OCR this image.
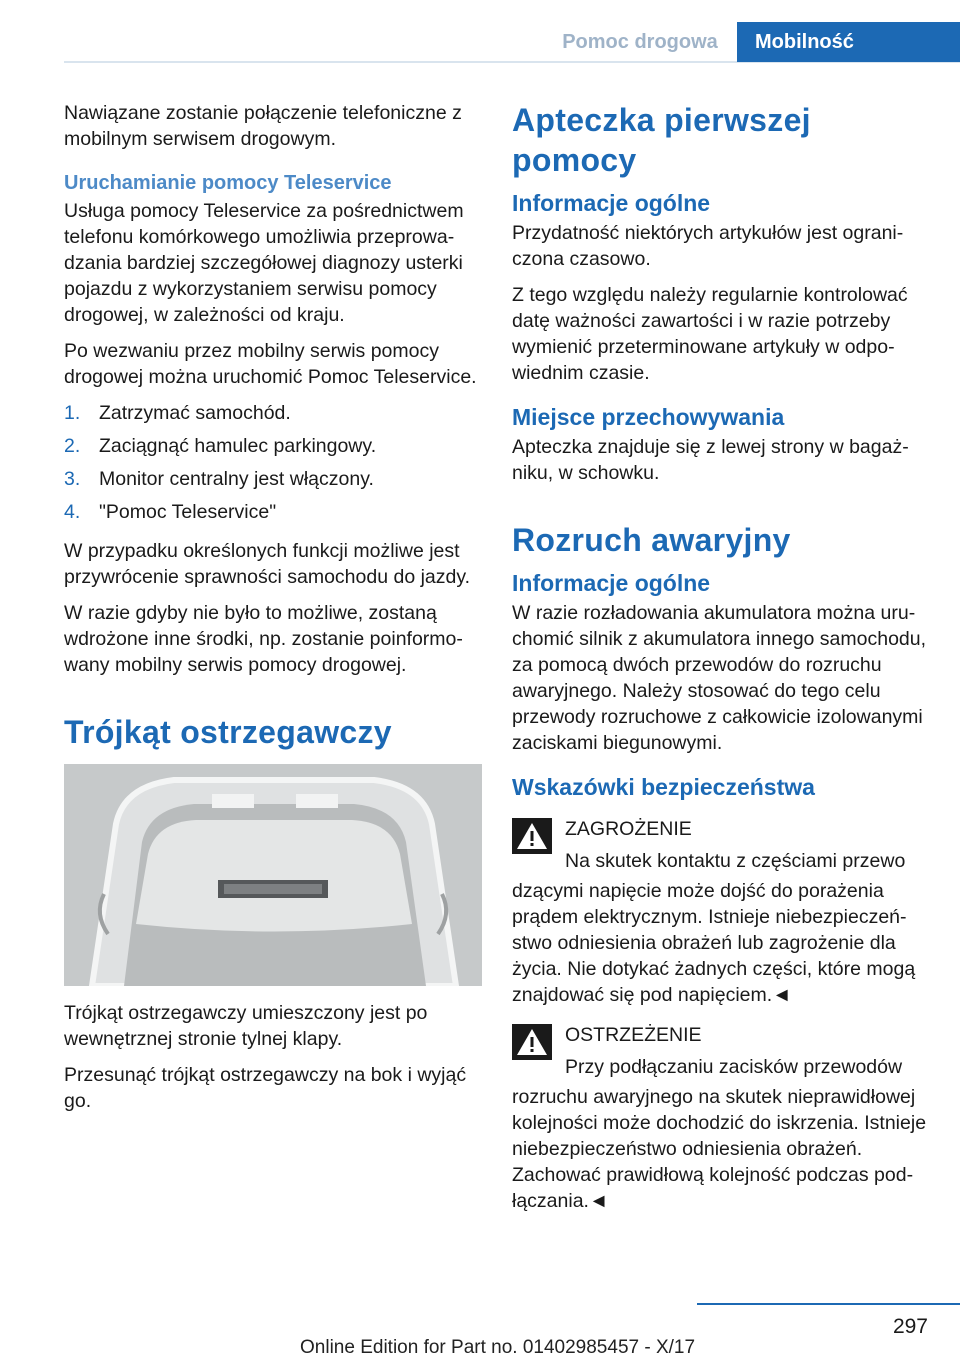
Pomoc drogowa	Mobilność

Nawiązane zostanie połączenie telefoniczne z mobilnym serwisem drogowym.

Uruchamianie pomocy Teleservice

Usługa pomocy Teleservice za pośrednictwem telefonu komórkowego umożliwia przeprowadzania bardziej szczegółowej diagnozy usterki pojazdu z wykorzystaniem serwisu pomocy drogowej, w zależności od kraju.

Po wezwaniu przez mobilny serwis pomocy drogowej można uruchomić Pomoc Teleservice.

1. Zatrzymać samochód.
2. Zaciągnąć hamulec parkingowy.
3. Monitor centralny jest włączony.
4. "Pomoc Teleservice"

W przypadku określonych funkcji możliwe jest przywrócenie sprawności samochodu do jazdy.

W razie gdyby nie było to możliwe, zostaną wdrożone inne środki, np. zostanie poinformowany mobilny serwis pomocy drogowej.

Trójkąt ostrzegawczy

Trójkąt ostrzegawczy umieszczony jest po wewnętrznej stronie tylnej klapy.

Przesunąć trójkąt ostrzegawczy na bok i wyjąć go.

Apteczka pierwszej pomocy
Informacje ogólne

Przydatność niektórych artykułów jest ograniczona czasowo.

Z tego względu należy regularnie kontrolować datę ważności zawartości i w razie potrzeby wymienić przeterminowane artykuły w odpowiednim czasie.

Miejsce przechowywania

Apteczka znajduje się z lewej strony w bagażniku, w schowku.

Rozruch awaryjny
Informacje ogólne

W razie rozładowania akumulatora można uruchomić silnik z akumulatora innego samochodu, za pomocą dwóch przewodów do rozruchu awaryjnego. Należy stosować do tego celu przewody rozruchowe z całkowicie izolowanymi zaciskami biegunowymi.

Wskazówki bezpieczeństwa
ZAGROŻENIE
Na skutek kontaktu z częściami przewo

dzącymi napięcie może dojść do porażenia prądem elektrycznym. Istnieje niebezpieczeństwo odniesienia obrażeń lub zagrożenie dla życia. Nie dotykać żadnych części, które mogą znajdować się pod napięciem.◄

OSTRZEŻENIE
Przy podłączaniu zacisków przewodów

rozruchu awaryjnego na skutek nieprawidłowej kolejności może dochodzić do iskrzenia. Istnieje niebezpieczeństwo odniesienia obrażeń. Zachować prawidłową kolejność podczas podłączania.◄

297
Online Edition for Part no. 01402985457 - X/17
